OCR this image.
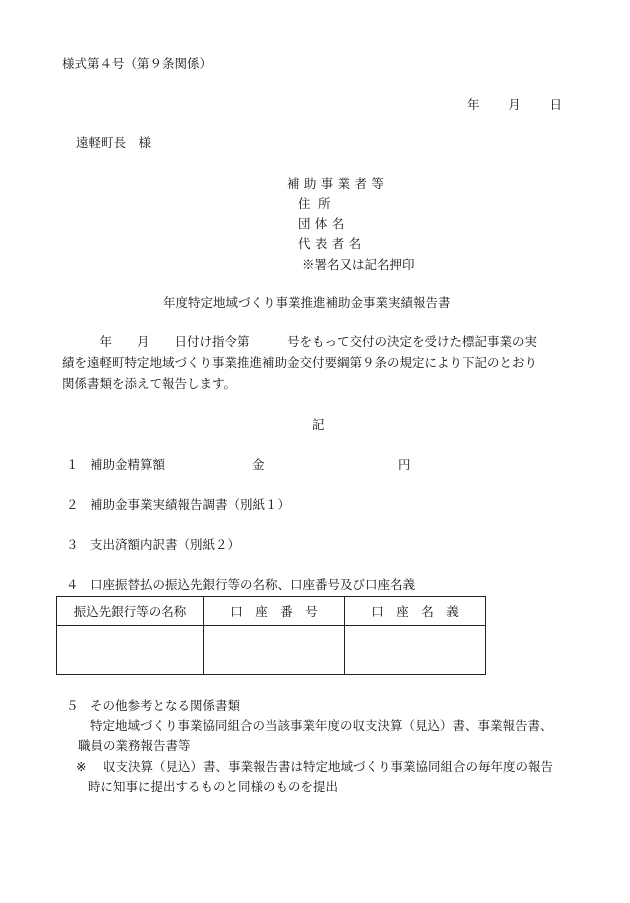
様式第４号（第９条関係）
年　　月　　日
遠軽町長　様
補助事業者等
住所
団体名
代表者名
※署名又は記名押印
年度特定地域づくり事業推進補助金事業実績報告書
　　　年　　月　　日付け指令第　　　号をもって交付の決定を受けた標記事業の実
績を遠軽町特定地域づくり事業推進補助金交付要綱第９条の規定により下記のとおり
関係書類を添えて報告します。
記
１ 補助金精算額	金	円
２ 補助金事業実績報告調書（別紙１）
３ 支出済額内訳書（別紙２）
４ 口座振替払の振込先銀行等の名称、口座番号及び口座名義
振込先銀行等の名称	口　座　番　号	口　座　名　義

５ その他参考となる関係書類
特定地域づくり事業協同組合の当該事業年度の収支決算（見込）書、事業報告書、
職員の業務報告書等
※ 収支決算（見込）書、事業報告書は特定地域づくり事業協同組合の毎年度の報告
時に知事に提出するものと同様のものを提出
